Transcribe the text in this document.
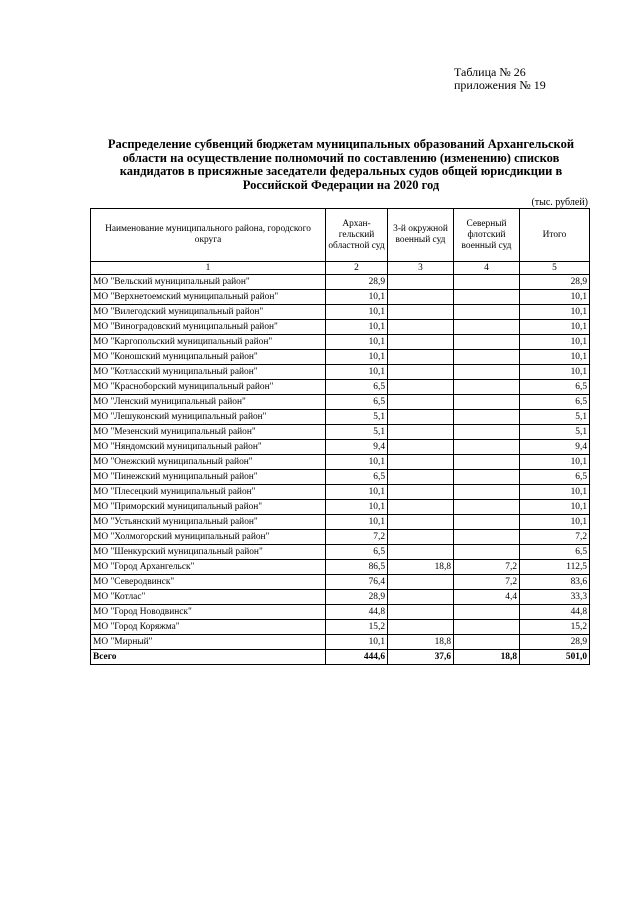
Таблица № 26
приложения № 19
Распределение субвенций бюджетам муниципальных образований Архангельской области на осуществление полномочий по составлению (изменению) списков кандидатов в присяжные заседатели федеральных судов общей юрисдикции в Российской Федерации на 2020 год
(тыс. рублей)
Наименование муниципального района, городского округа	Архан-гельский областной суд	3-й окружной военный суд	Северный флотский военный суд	Итого
1	2	3	4	5
МО "Вельский муниципальный район"	28,9			28,9
МО "Верхнетоемский муниципальный район"	10,1			10,1
МО "Вилегодский муниципальный район"	10,1			10,1
МО "Виноградовский муниципальный район"	10,1			10,1
МО "Каргопольский муниципальный район"	10,1			10,1
МО "Коношский муниципальный район"	10,1			10,1
МО "Котласский муниципальный район"	10,1			10,1
МО "Красноборский муниципальный район"	6,5			6,5
МО "Ленский муниципальный район"	6,5			6,5
МО "Лешуконский муниципальный район"	5,1			5,1
МО "Мезенский муниципальный район"	5,1			5,1
МО "Няндомский муниципальный район"	9,4			9,4
МО "Онежский муниципальный район"	10,1			10,1
МО "Пинежский муниципальный район"	6,5			6,5
МО "Плесецкий муниципальный район"	10,1			10,1
МО "Приморский муниципальный район"	10,1			10,1
МО "Устьянский муниципальный район"	10,1			10,1
МО "Холмогорский муниципальный район"	7,2			7,2
МО "Шенкурский муниципальный район"	6,5			6,5
МО "Город Архангельск"	86,5	18,8	7,2	112,5
МО "Северодвинск"	76,4		7,2	83,6
МО "Котлас"	28,9		4,4	33,3
МО "Город Новодвинск"	44,8			44,8
МО "Город Коряжма"	15,2			15,2
МО "Мирный"	10,1	18,8		28,9
Всего	444,6	37,6	18,8	501,0
